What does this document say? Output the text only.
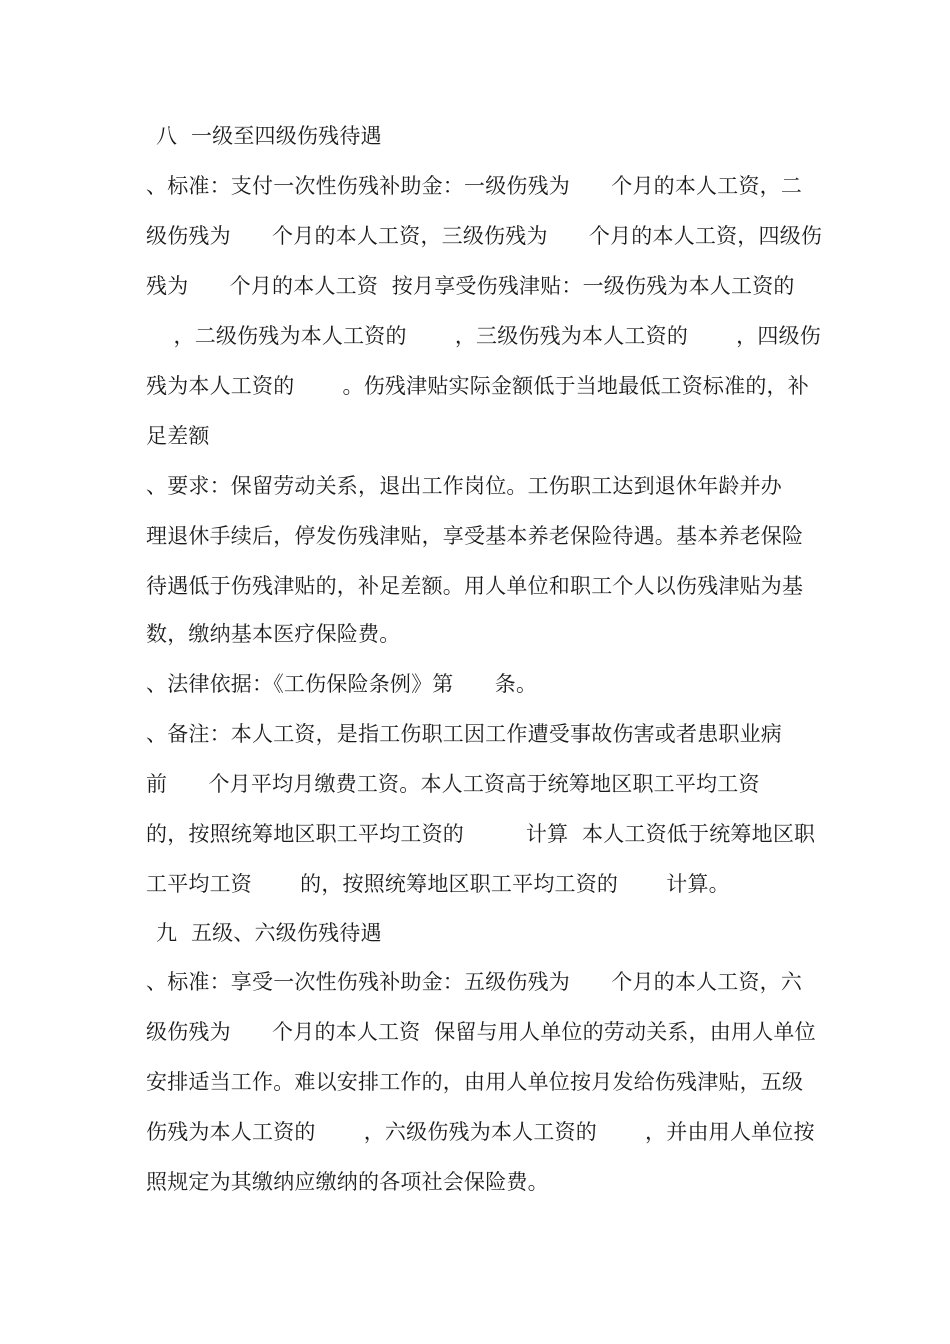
八  一级至四级伤残待遇
、标准：支付一次性伤残补助金：一级伤残为      个月的本人工资，二
级伤残为      个月的本人工资，三级伤残为      个月的本人工资，四级伤
残为      个月的本人工资  按月享受伤残津贴：一级伤残为本人工资的
，二级伤残为本人工资的       ，三级伤残为本人工资的       ，四级伤
残为本人工资的       。伤残津贴实际金额低于当地最低工资标准的，补
足差额
、要求：保留劳动关系，退出工作岗位。工伤职工达到退休年龄并办
理退休手续后，停发伤残津贴，享受基本养老保险待遇。基本养老保险
待遇低于伤残津贴的，补足差额。用人单位和职工个人以伤残津贴为基
数，缴纳基本医疗保险费。
、法律依据：《工伤保险条例》第      条。
、备注：本人工资，是指工伤职工因工作遭受事故伤害或者患职业病
前      个月平均月缴费工资。本人工资高于统筹地区职工平均工资
的，按照统筹地区职工平均工资的         计算  本人工资低于统筹地区职
工平均工资       的，按照统筹地区职工平均工资的       计算。
九  五级、六级伤残待遇
、标准：享受一次性伤残补助金：五级伤残为      个月的本人工资，六
级伤残为      个月的本人工资  保留与用人单位的劳动关系，由用人单位
安排适当工作。难以安排工作的，由用人单位按月发给伤残津贴，五级
伤残为本人工资的       ，六级伤残为本人工资的       ，并由用人单位按
照规定为其缴纳应缴纳的各项社会保险费。
